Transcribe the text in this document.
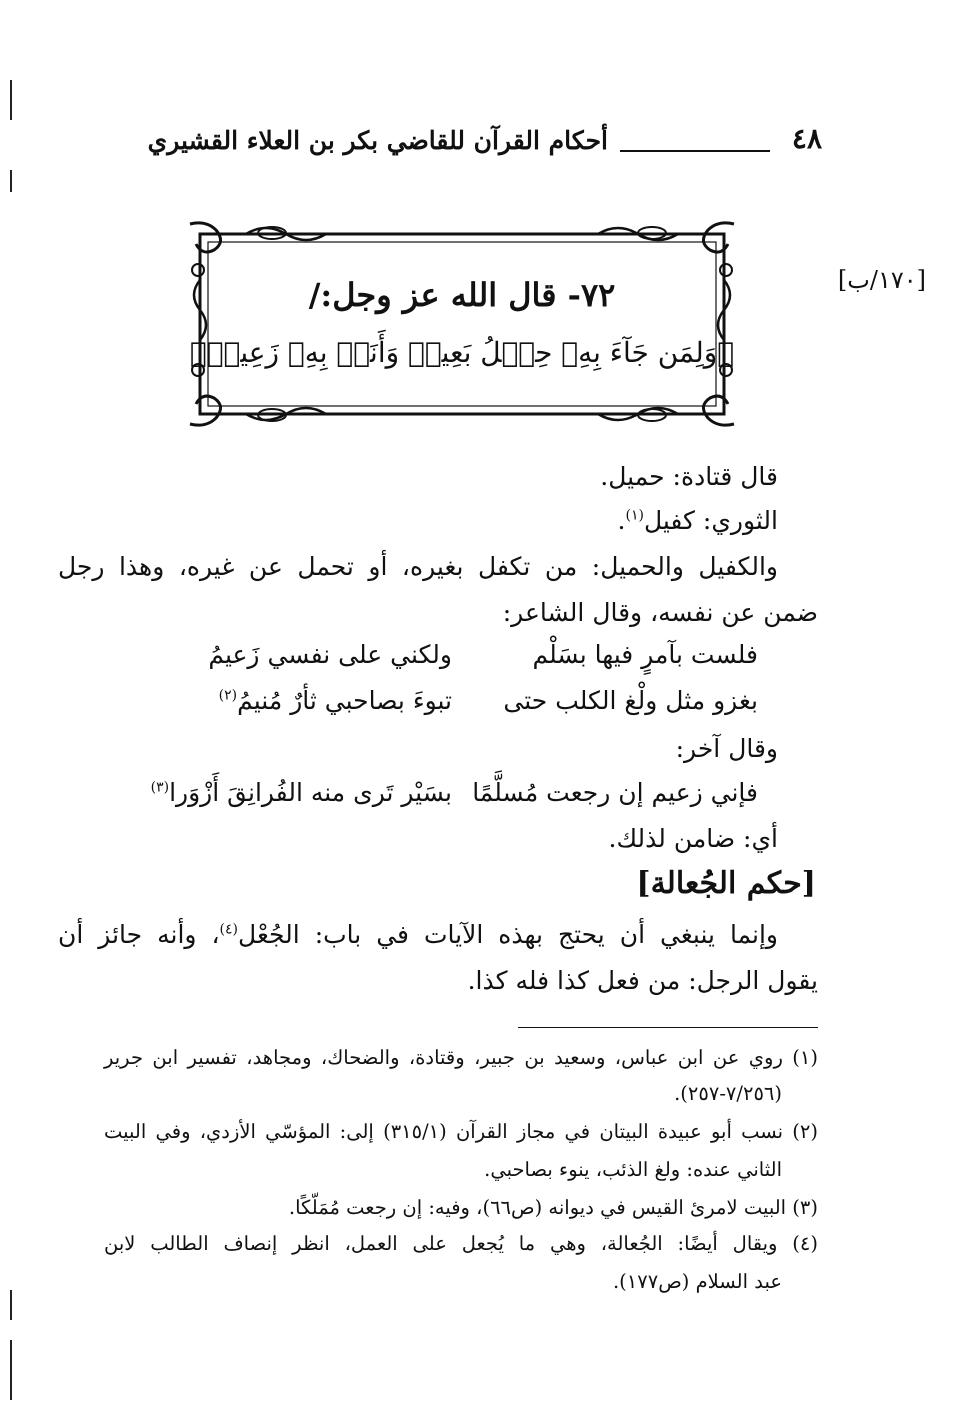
٤٨
أحكام القرآن للقاضي بكر بن العلاء القشيري
[١٧٠/ب]
٧٢- قال الله عز وجل:/
﴿وَلِمَن جَآءَ بِهِۦ حِمۡلُ بَعِيرٖ وَأَنَا۠ بِهِۦ زَعِيمٞ﴾
قال قتادة: حميل.
الثوري: كفيل$^{(١)}$.
والكفيل والحميل: من تكفل بغيره، أو تحمل عن غيره، وهذا رجل
ضمن عن نفسه، وقال الشاعر:
فلست بآمرٍ فيها بسَلْم
ولكني على نفسي زَعيمُ
بغزو مثل ولْغ الكلب حتى
تبوءَ بصاحبي ثأرٌ مُنيمُ$^{(٢)}$
وقال آخر:
فإني زعيم إن رجعت مُسلَّمًا
بسَيْر تَرى منه الفُرانِقَ أَزْوَرا$^{(٣)}$
أي: ضامن لذلك.
[حكم الجُعالة]
وإنما ينبغي أن يحتج بهذه الآيات في باب: الجُعْل$^{(٤)}$، وأنه جائز أن
يقول الرجل: من فعل كذا فله كذا.
(١) روي عن ابن عباس، وسعيد بن جبير، وقتادة، والضحاك، ومجاهد، تفسير ابن جرير
(٧/٢٥٦-٢٥٧).
(٢) نسب أبو عبيدة البيتان في مجاز القرآن (٣١٥/١) إلى: المؤسّي الأزدي، وفي البيت
الثاني عنده: ولغ الذئب، ينوء بصاحبي.
(٣) البيت لامرئ القيس في ديوانه (ص٦٦)، وفيه: إن رجعت مُمَلّكًا.
(٤) ويقال أيضًا: الجُعالة، وهي ما يُجعل على العمل، انظر إنصاف الطالب لابن
عبد السلام (ص١٧٧).
